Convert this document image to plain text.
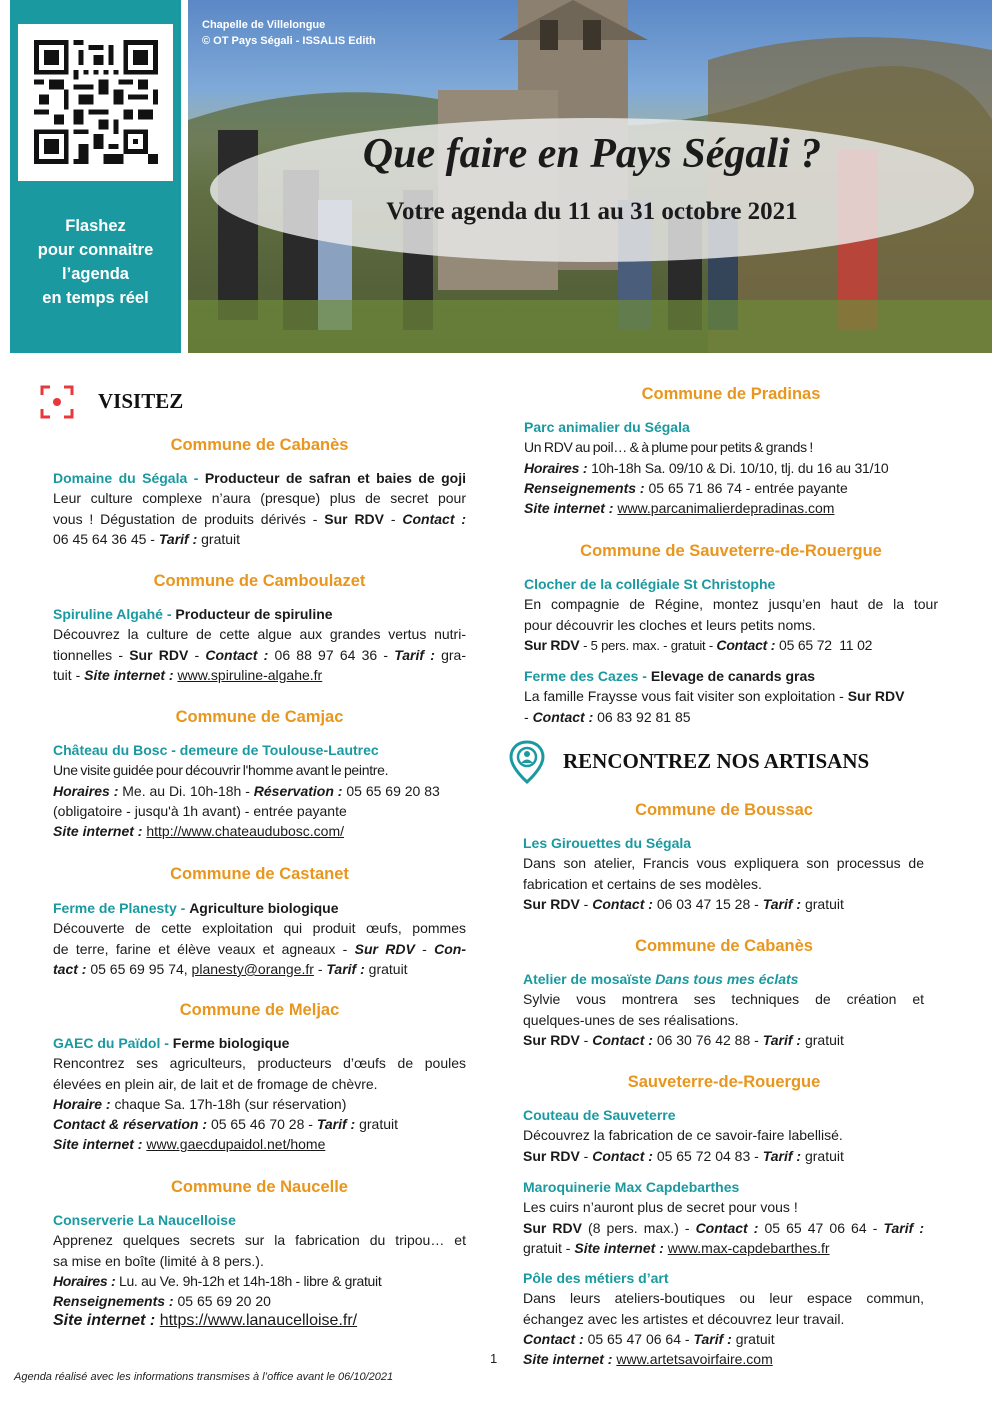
Flashez
pour connaitre
l’agenda
en temps réel
Chapelle de Villelongue
© OT Pays Ségali - ISSALIS Edith
Que faire en Pays Ségali ?
Votre agenda du 11 au 31 octobre 2021
VISITEZ
Commune de Cabanès
Domaine du Ségala - Producteur de safran et baies de goji
Leur culture complexe n’aura (presque) plus de secret pour
vous ! Dégustation de produits dérivés - Sur RDV - Contact :
06 45 64 36 45 - Tarif : gratuit
Commune de Camboulazet
Spiruline Algahé - Producteur de spiruline
Découvrez la culture de cette algue aux grandes vertus nutri-
tionnelles - Sur RDV - Contact : 06 88 97 64 36 - Tarif : gra-
tuit - Site internet : www.spiruline-algahe.fr
Commune de Camjac
Château du Bosc - demeure de Toulouse-Lautrec
Une visite guidée pour découvrir l'homme avant le peintre.
Horaires : Me. au Di. 10h-18h - Réservation : 05 65 69 20 83
(obligatoire - jusqu'à 1h avant) - entrée payante
Site internet : http://www.chateaudubosc.com/
Commune de Castanet
Ferme de Planesty - Agriculture biologique
Découverte de cette exploitation qui produit œufs, pommes
de terre, farine et élève veaux et agneaux - Sur RDV - Con-
tact : 05 65 69 95 74, planesty@orange.fr - Tarif : gratuit
Commune de Meljac
GAEC du Païdol - Ferme biologique
Rencontrez ses agriculteurs, producteurs d’œufs de poules
élevées en plein air, de lait et de fromage de chèvre.
Horaire : chaque Sa. 17h-18h (sur réservation)
Contact & réservation : 05 65 46 70 28 - Tarif : gratuit
Site internet : www.gaecdupaidol.net/home
Commune de Naucelle
Conserverie La Naucelloise
Apprenez quelques secrets sur la fabrication du tripou… et
sa mise en boîte (limité à 8 pers.).
Horaires : Lu. au Ve. 9h-12h et 14h-18h - libre & gratuit
Renseignements : 05 65 69 20 20
Site internet : https://www.lanaucelloise.fr/
Commune de Pradinas
Parc animalier du Ségala
Un RDV au poil… & à plume pour petits & grands !
Horaires : 10h-18h Sa. 09/10 & Di. 10/10, tlj. du 16 au 31/10
Renseignements : 05 65 71 86 74 - entrée payante
Site internet : www.parcanimalierdepradinas.com
Commune de Sauveterre-de-Rouergue
Clocher de la collégiale St Christophe
En compagnie de Régine, montez jusqu’en haut de la tour
pour découvrir les cloches et leurs petits noms.
Sur RDV - 5 pers. max. - gratuit - Contact : 05 65 72  11 02
Ferme des Cazes - Elevage de canards gras
La famille Fraysse vous fait visiter son exploitation - Sur RDV
- Contact : 06 83 92 81 85
RENCONTREZ NOS ARTISANS
Commune de Boussac
Les Girouettes du Ségala
Dans son atelier, Francis vous expliquera son processus de
fabrication et certains de ses modèles.
Sur RDV - Contact : 06 03 47 15 28 - Tarif : gratuit
Commune de Cabanès
Atelier de mosaïste Dans tous mes éclats
Sylvie vous montrera ses techniques de création et
quelques-unes de ses réalisations.
Sur RDV - Contact : 06 30 76 42 88 - Tarif : gratuit
Sauveterre-de-Rouergue
Couteau de Sauveterre
Découvrez la fabrication de ce savoir-faire labellisé.
Sur RDV - Contact : 05 65 72 04 83 - Tarif : gratuit
Maroquinerie Max Capdebarthes
Les cuirs n’auront plus de secret pour vous !
Sur RDV (8 pers. max.) - Contact : 05 65 47 06 64 - Tarif :
gratuit - Site internet : www.max-capdebarthes.fr
Pôle des métiers d’art
Dans leurs ateliers-boutiques ou leur espace commun,
échangez avec les artistes et découvrez leur travail.
Contact : 05 65 47 06 64 - Tarif : gratuit
Site internet : www.artetsavoirfaire.com
1
Agenda réalisé avec les informations transmises à l’office avant le 06/10/2021
